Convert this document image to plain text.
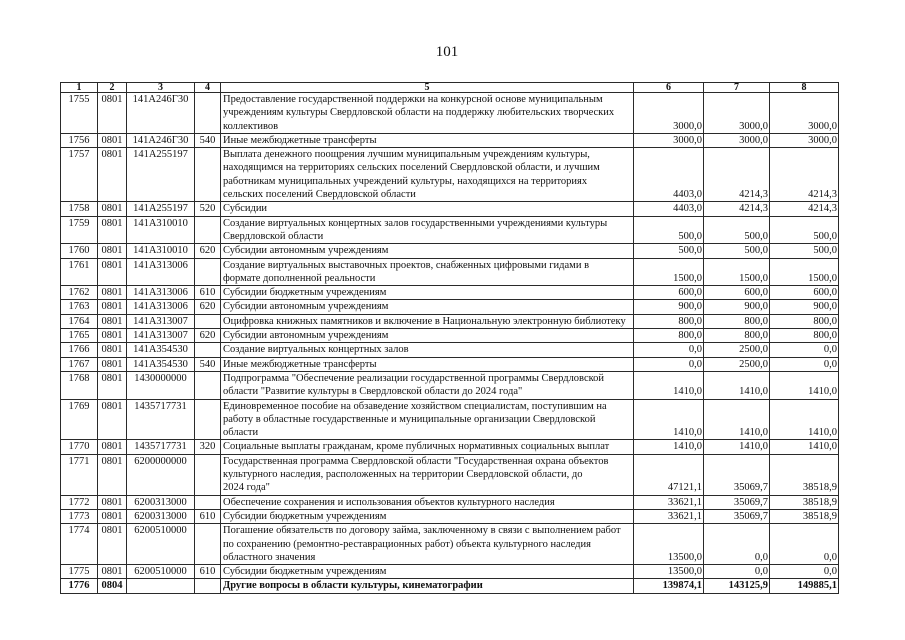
101
1	2	3	4	5	6	7	8
1755	0801	141A246Г30		Предоставление государственной поддержки на конкурсной основе муниципальным
учреждениям культуры Свердловской области на поддержку любительских творческих
коллективов	3000,0	3000,0	3000,0
1756	0801	141A246Г30	540	Иные межбюджетные трансферты	3000,0	3000,0	3000,0
1757	0801	141A255197		Выплата денежного поощрения лучшим муниципальным учреждениям культуры,
находящимся на территориях сельских поселений Свердловской области, и лучшим
работникам муниципальных учреждений культуры, находящихся на территориях
сельских поселений Свердловской области	4403,0	4214,3	4214,3
1758	0801	141A255197	520	Субсидии	4403,0	4214,3	4214,3
1759	0801	141A310010		Создание виртуальных концертных залов государственными учреждениями культуры
Свердловской области	500,0	500,0	500,0
1760	0801	141A310010	620	Субсидии автономным учреждениям	500,0	500,0	500,0
1761	0801	141A313006		Создание виртуальных выставочных проектов, снабженных цифровыми гидами в
формате дополненной реальности	1500,0	1500,0	1500,0
1762	0801	141A313006	610	Субсидии бюджетным учреждениям	600,0	600,0	600,0
1763	0801	141A313006	620	Субсидии автономным учреждениям	900,0	900,0	900,0
1764	0801	141A313007		Оцифровка книжных памятников и включение в Национальную электронную библиотеку	800,0	800,0	800,0
1765	0801	141A313007	620	Субсидии автономным учреждениям	800,0	800,0	800,0
1766	0801	141A354530		Создание виртуальных концертных залов	0,0	2500,0	0,0
1767	0801	141A354530	540	Иные межбюджетные трансферты	0,0	2500,0	0,0
1768	0801	1430000000		Подпрограмма "Обеспечение реализации государственной программы Свердловской
области "Развитие культуры в Свердловской области до 2024 года"	1410,0	1410,0	1410,0
1769	0801	1435717731		Единовременное пособие на обзаведение хозяйством специалистам, поступившим на
работу в областные государственные и муниципальные организации Свердловской
области	1410,0	1410,0	1410,0
1770	0801	1435717731	320	Социальные выплаты гражданам, кроме публичных нормативных социальных выплат	1410,0	1410,0	1410,0
1771	0801	6200000000		Государственная программа Свердловской области "Государственная охрана объектов
культурного наследия, расположенных на территории Свердловской области, до
2024 года"	47121,1	35069,7	38518,9
1772	0801	6200313000		Обеспечение сохранения и использования объектов культурного наследия	33621,1	35069,7	38518,9
1773	0801	6200313000	610	Субсидии бюджетным учреждениям	33621,1	35069,7	38518,9
1774	0801	6200510000		Погашение обязательств по договору займа, заключенному в связи с выполнением работ
по сохранению (ремонтно-реставрационных работ) объекта культурного наследия
областного значения	13500,0	0,0	0,0
1775	0801	6200510000	610	Субсидии бюджетным учреждениям	13500,0	0,0	0,0
1776	0804			Другие вопросы в области культуры, кинематографии	139874,1	143125,9	149885,1
